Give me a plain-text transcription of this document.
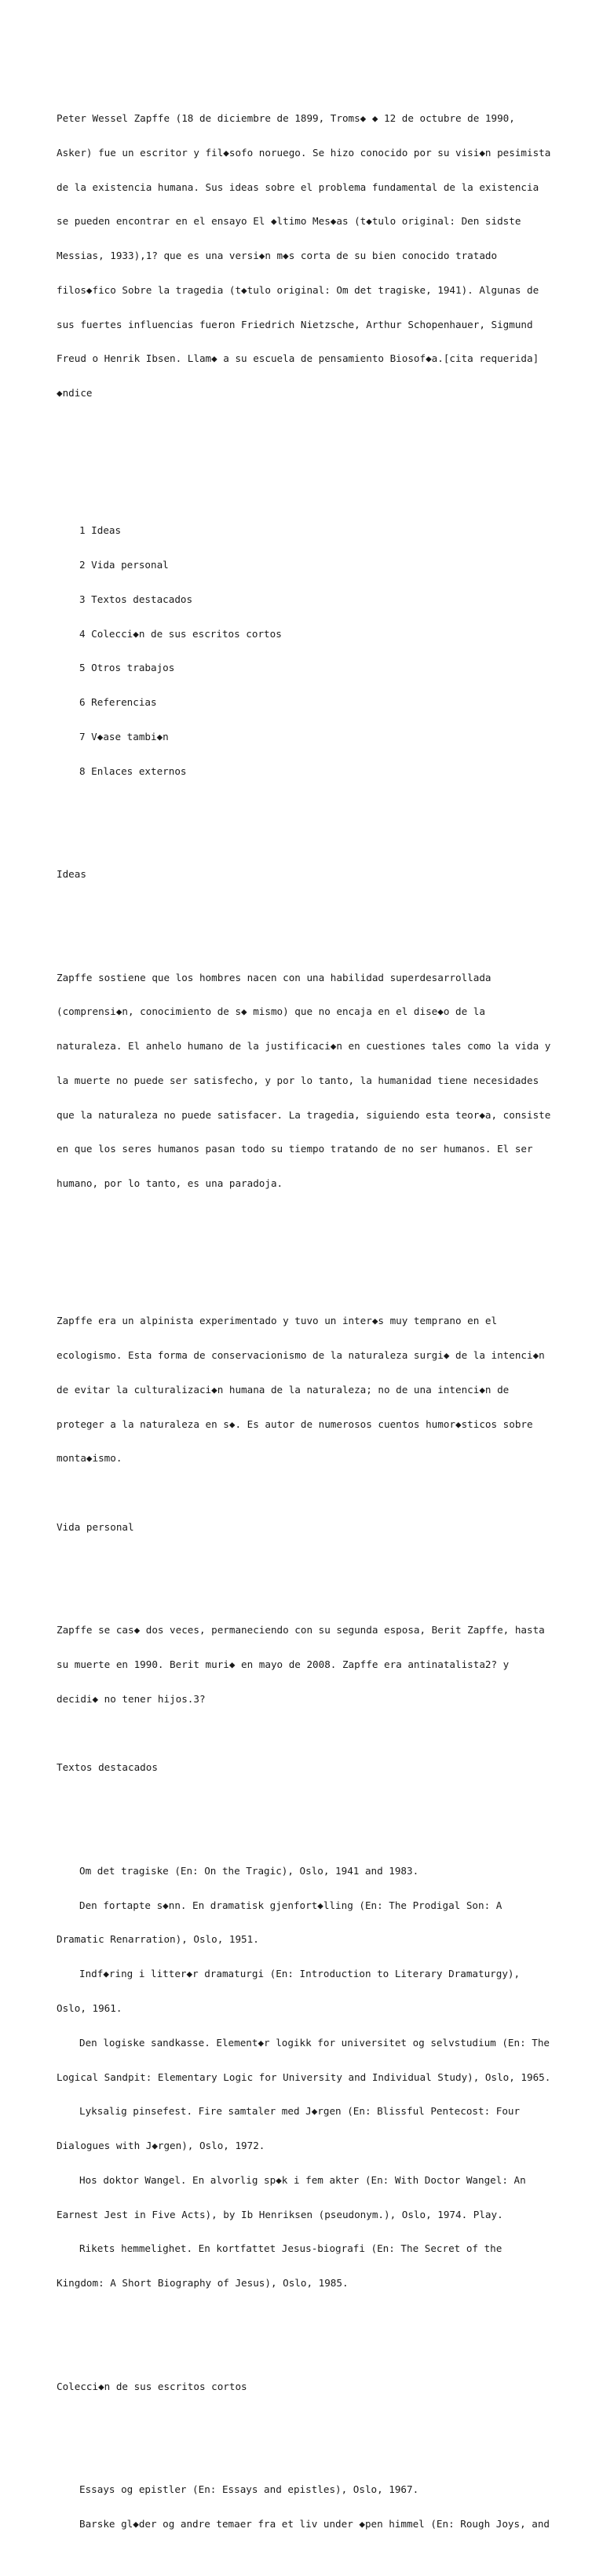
Peter Wessel Zapffe (18 de diciembre de 1899, Troms◆ ◆ 12 de octubre de 1990,

Asker) fue un escritor y fil◆sofo noruego. Se hizo conocido por su visi◆n pesimista

de la existencia humana. Sus ideas sobre el problema fundamental de la existencia

se pueden encontrar en el ensayo El ◆ltimo Mes◆as (t◆tulo original: Den sidste

Messias, 1933),1? que es una versi◆n m◆s corta de su bien conocido tratado

filos◆fico Sobre la tragedia (t◆tulo original: Om det tragiske, 1941). Algunas de

sus fuertes influencias fueron Friedrich Nietzsche, Arthur Schopenhauer, Sigmund

Freud o Henrik Ibsen. Llam◆ a su escuela de pensamiento Biosof◆a.[cita requerida]

◆ndice

1 Ideas

2 Vida personal

3 Textos destacados

4 Colecci◆n de sus escritos cortos

5 Otros trabajos

6 Referencias

7 V◆ase tambi◆n

8 Enlaces externos

Ideas

Zapffe sostiene que los hombres nacen con una habilidad superdesarrollada

(comprensi◆n, conocimiento de s◆ mismo) que no encaja en el dise◆o de la

naturaleza. El anhelo humano de la justificaci◆n en cuestiones tales como la vida y

la muerte no puede ser satisfecho, y por lo tanto, la humanidad tiene necesidades

que la naturaleza no puede satisfacer. La tragedia, siguiendo esta teor◆a, consiste

en que los seres humanos pasan todo su tiempo tratando de no ser humanos. El ser

humano, por lo tanto, es una paradoja.

Zapffe era un alpinista experimentado y tuvo un inter◆s muy temprano en el

ecologismo. Esta forma de conservacionismo de la naturaleza surgi◆ de la intenci◆n

de evitar la culturalizaci◆n humana de la naturaleza; no de una intenci◆n de

proteger a la naturaleza en s◆. Es autor de numerosos cuentos humor◆sticos sobre

monta◆ismo.

Vida personal

Zapffe se cas◆ dos veces, permaneciendo con su segunda esposa, Berit Zapffe, hasta

su muerte en 1990. Berit muri◆ en mayo de 2008. Zapffe era antinatalista2? y

decidi◆ no tener hijos.3?

Textos destacados

Om det tragiske (En: On the Tragic), Oslo, 1941 and 1983.

Den fortapte s◆nn. En dramatisk gjenfort◆lling (En: The Prodigal Son: A

Dramatic Renarration), Oslo, 1951.

Indf◆ring i litter◆r dramaturgi (En: Introduction to Literary Dramaturgy),

Oslo, 1961.

Den logiske sandkasse. Element◆r logikk for universitet og selvstudium (En: The

Logical Sandpit: Elementary Logic for University and Individual Study), Oslo, 1965.

Lyksalig pinsefest. Fire samtaler med J◆rgen (En: Blissful Pentecost: Four

Dialogues with J◆rgen), Oslo, 1972.

Hos doktor Wangel. En alvorlig sp◆k i fem akter (En: With Doctor Wangel: An

Earnest Jest in Five Acts), by Ib Henriksen (pseudonym.), Oslo, 1974. Play.

Rikets hemmelighet. En kortfattet Jesus-biografi (En: The Secret of the

Kingdom: A Short Biography of Jesus), Oslo, 1985.

Colecci◆n de sus escritos cortos

Essays og epistler (En: Essays and epistles), Oslo, 1967.

Barske gl◆der og andre temaer fra et liv under ◆pen himmel (En: Rough Joys, and
